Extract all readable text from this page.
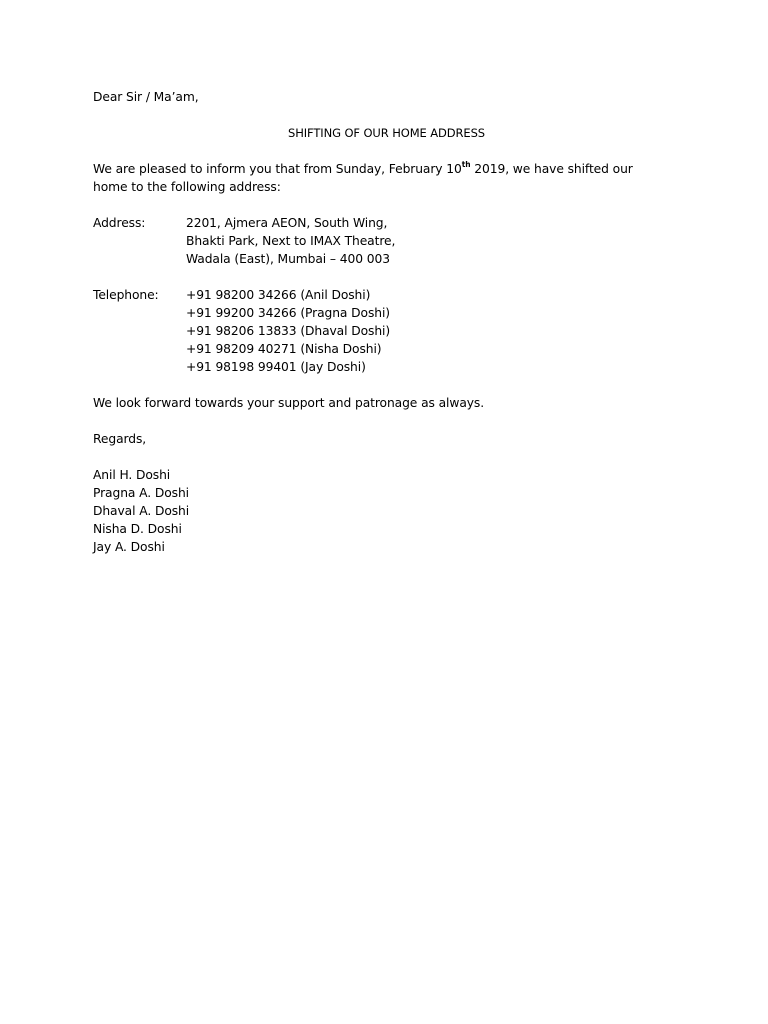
Dear Sir / Ma’am,
SHIFTING OF OUR HOME ADDRESS
We are pleased to inform you that from Sunday, February 10th 2019, we have shifted our
home to the following address:
Address:	2201, Ajmera AEON, South Wing,
Bhakti Park, Next to IMAX Theatre,
Wadala (East), Mumbai – 400 003
Telephone:	+91 98200 34266 (Anil Doshi)
+91 99200 34266 (Pragna Doshi)
+91 98206 13833 (Dhaval Doshi)
+91 98209 40271 (Nisha Doshi)
+91 98198 99401 (Jay Doshi)
We look forward towards your support and patronage as always.
Regards,
Anil H. Doshi
Pragna A. Doshi
Dhaval A. Doshi
Nisha D. Doshi
Jay A. Doshi
